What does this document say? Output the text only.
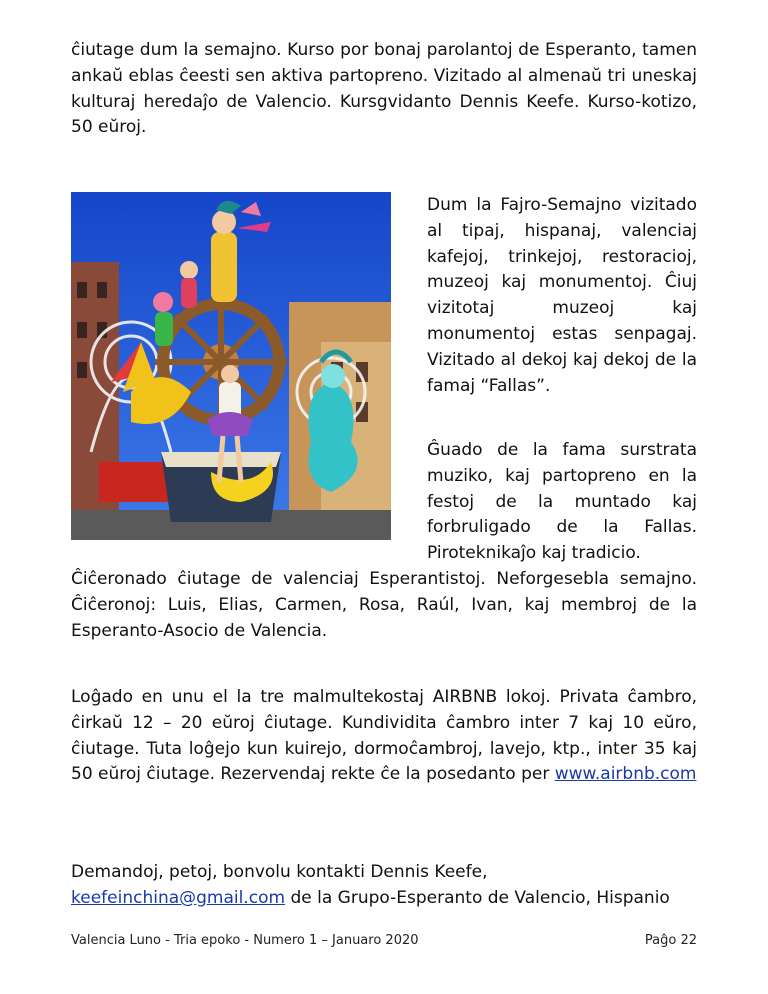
ĉiutage dum la semajno. Kurso por bonaj parolantoj de Esperanto, tamen ankaŭ eblas ĉeesti sen aktiva partopreno. Vizitado al almenaŭ tri uneskaj kulturaj heredaĵo de Valencio. Kursgvidanto Dennis Keefe. Kurso-kotizo, 50 eŭroj.

Dum la Fajro-Semajno vizitado al tipaj, hispanaj, valenciaj kafejoj, trinkejoj, restoracioj, muzeoj kaj monumentoj. Ĉiuj vizitotaj muzeoj kaj monumentoj estas senpagaj. Vizitado al dekoj kaj dekoj de la famaj “Fallas”.

Ĝuado de la fama surstrata muziko, kaj partopreno en la festoj de la muntado kaj forbruligado de la Fallas. Piroteknikaĵo kaj tradicio.

Ĉiĉeronado ĉiutage de valenciaj Esperantistoj. Neforgesebla semajno. Ĉiĉeronoj: Luis, Elias, Carmen, Rosa, Raúl, Ivan, kaj membroj de la Esperanto-Asocio de Valencia.

Loĝado en unu el la tre malmultekostaj AIRBNB lokoj. Privata ĉambro, ĉirkaŭ 12 – 20 eŭroj ĉiutage. Kundividita ĉambro inter 7 kaj 10 eŭro, ĉiutage. Tuta loĝejo kun kuirejo, dormoĉambroj, lavejo, ktp., inter 35 kaj 50 eŭroj ĉiutage. Rezervendaj rekte ĉe la posedanto per www.airbnb.com

Demandoj, petoj, bonvolu kontakti Dennis Keefe,
keefeinchina@gmail.com de la Grupo-Esperanto de Valencio, Hispanio

Valencia Luno - Tria epoko - Numero 1 – Januaro 2020	Paĝo 22
